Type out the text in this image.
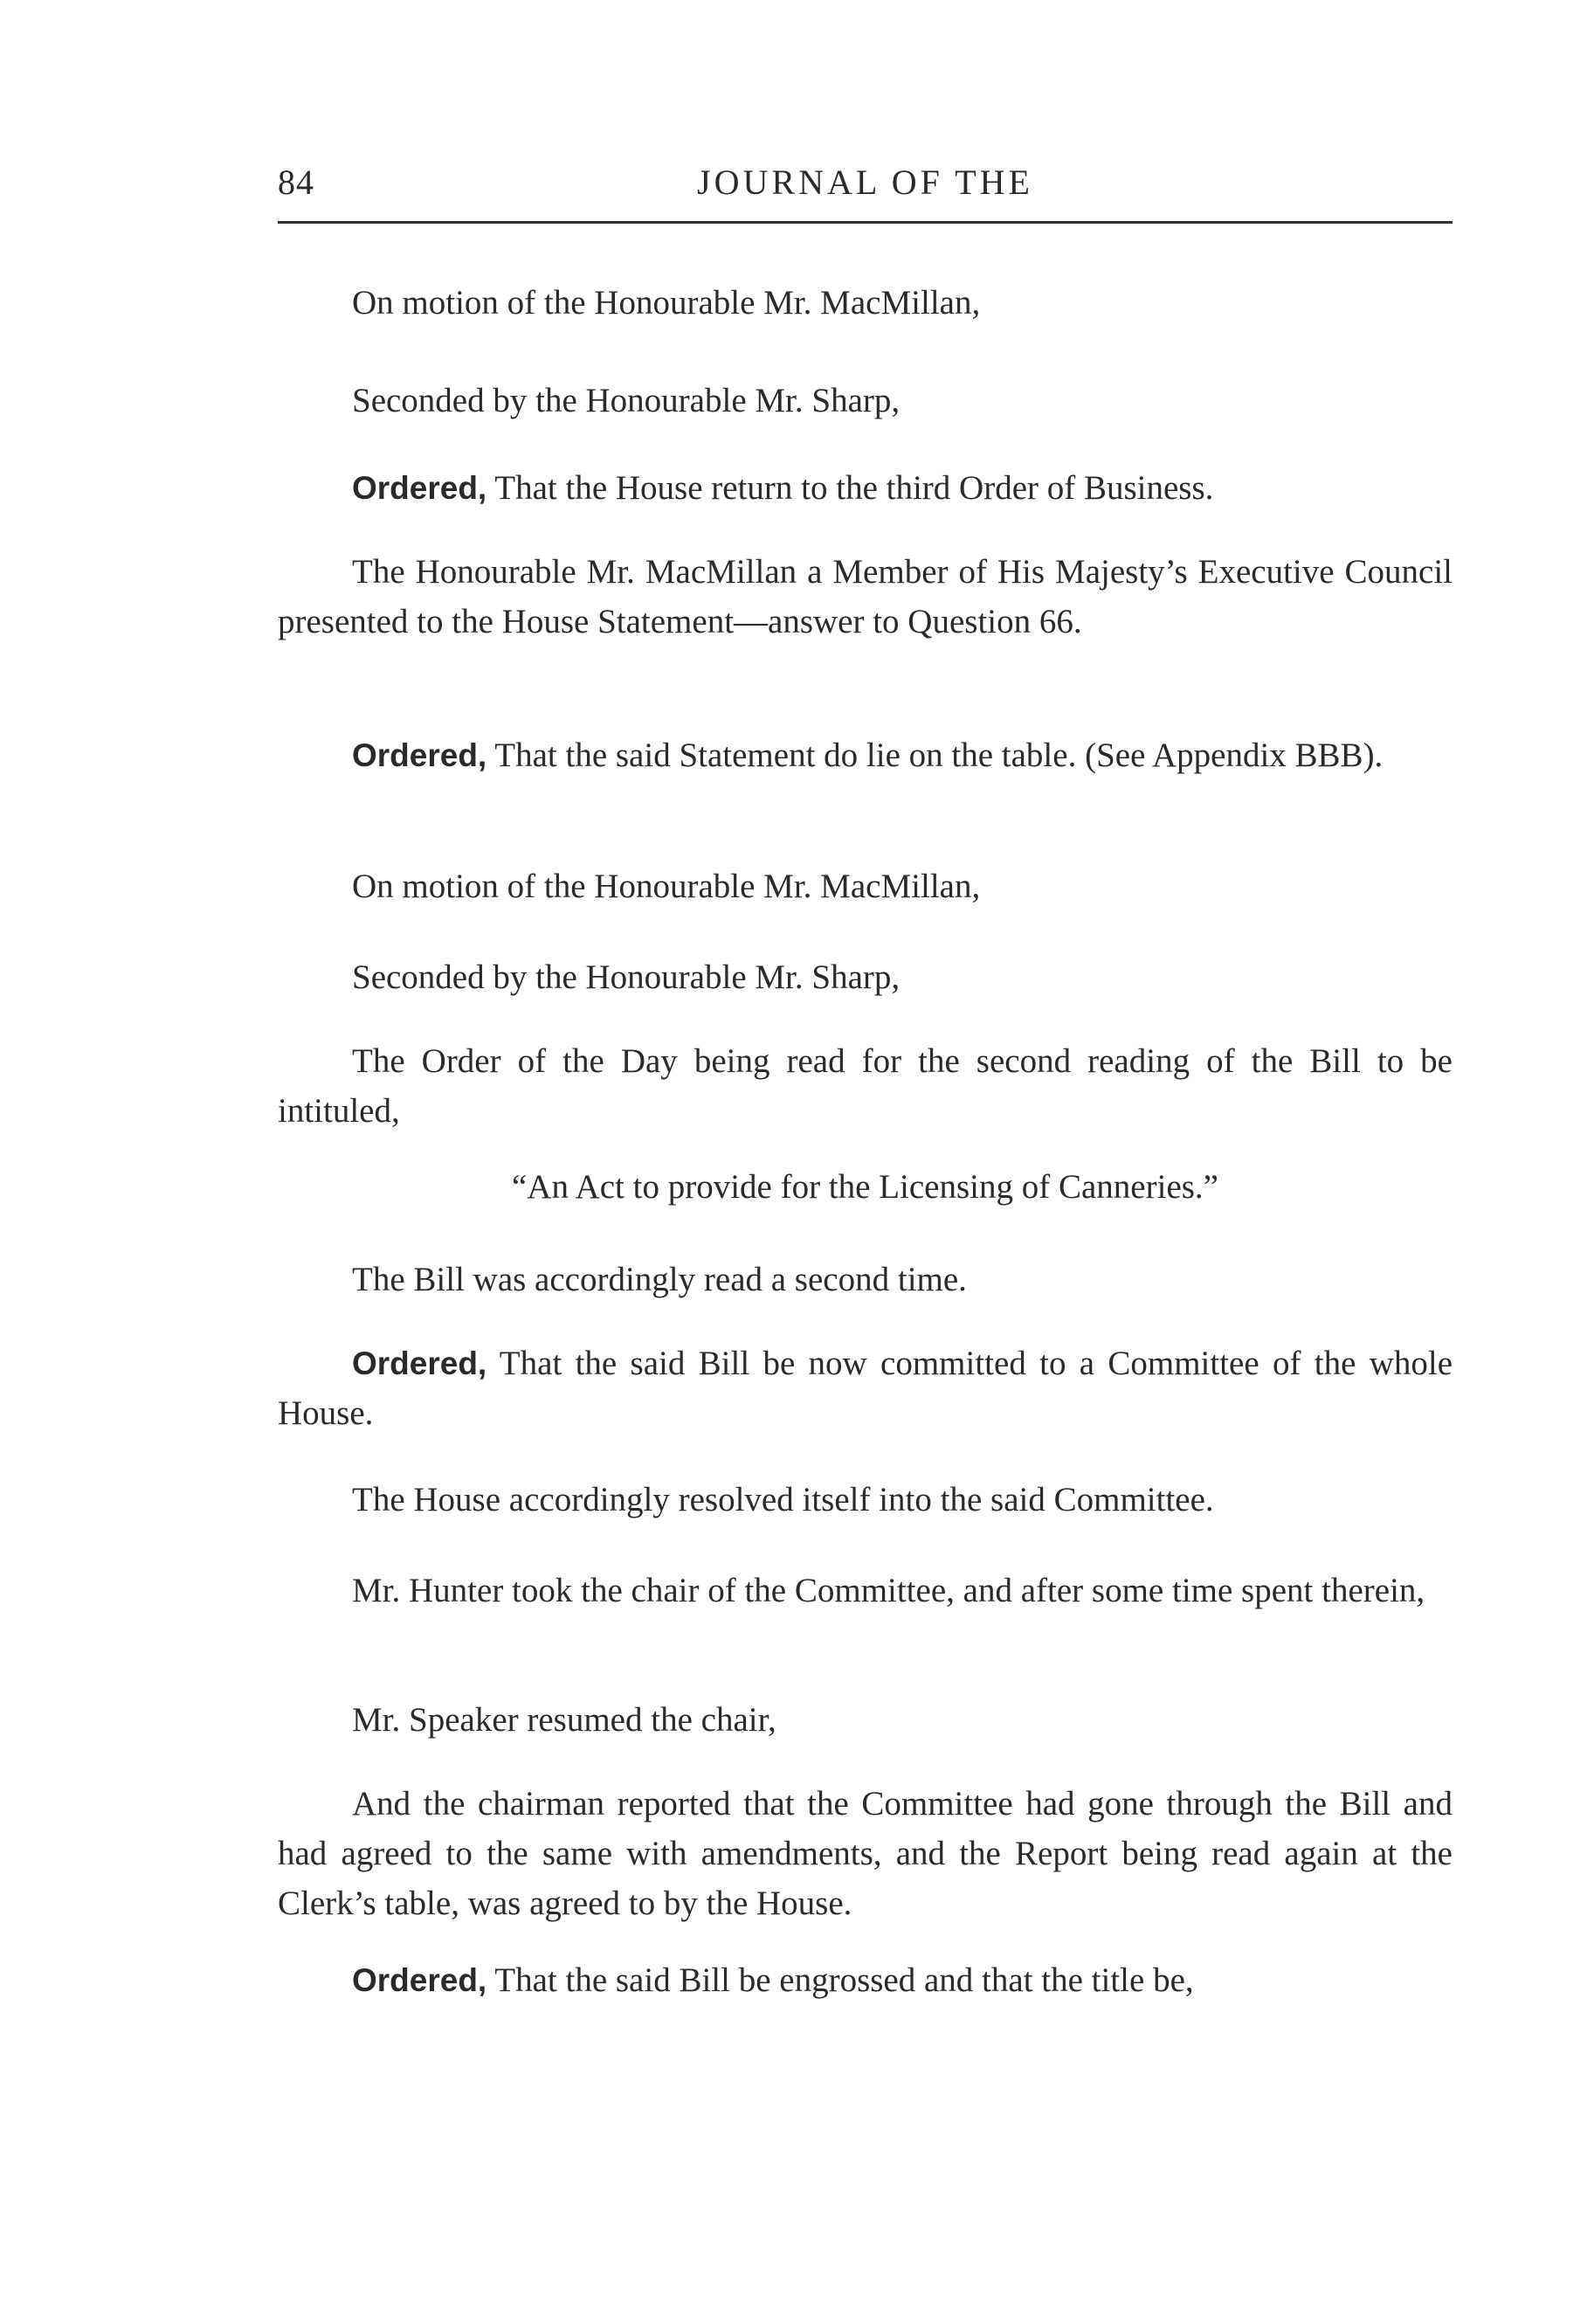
84	JOURNAL OF THE

On motion of the Honourable Mr. MacMillan,

Seconded by the Honourable Mr. Sharp,

Ordered, That the House return to the third Order of Business.

The Honourable Mr. MacMillan a Member of His Majesty’s Executive Council presented to the House Statement—answer to Question 66.

Ordered, That the said Statement do lie on the table. (See Appendix BBB).

On motion of the Honourable Mr. MacMillan,

Seconded by the Honourable Mr. Sharp,

The Order of the Day being read for the second reading of the Bill to be intituled,

“An Act to provide for the Licensing of Canneries.”

The Bill was accordingly read a second time.

Ordered, That the said Bill be now committed to a Committee of the whole House.

The House accordingly resolved itself into the said Committee.

Mr. Hunter took the chair of the Committee, and after some time spent therein,

Mr. Speaker resumed the chair,

And the chairman reported that the Committee had gone through the Bill and had agreed to the same with amendments, and the Report being read again at the Clerk’s table, was agreed to by the House.

Ordered, That the said Bill be engrossed and that the title be,
